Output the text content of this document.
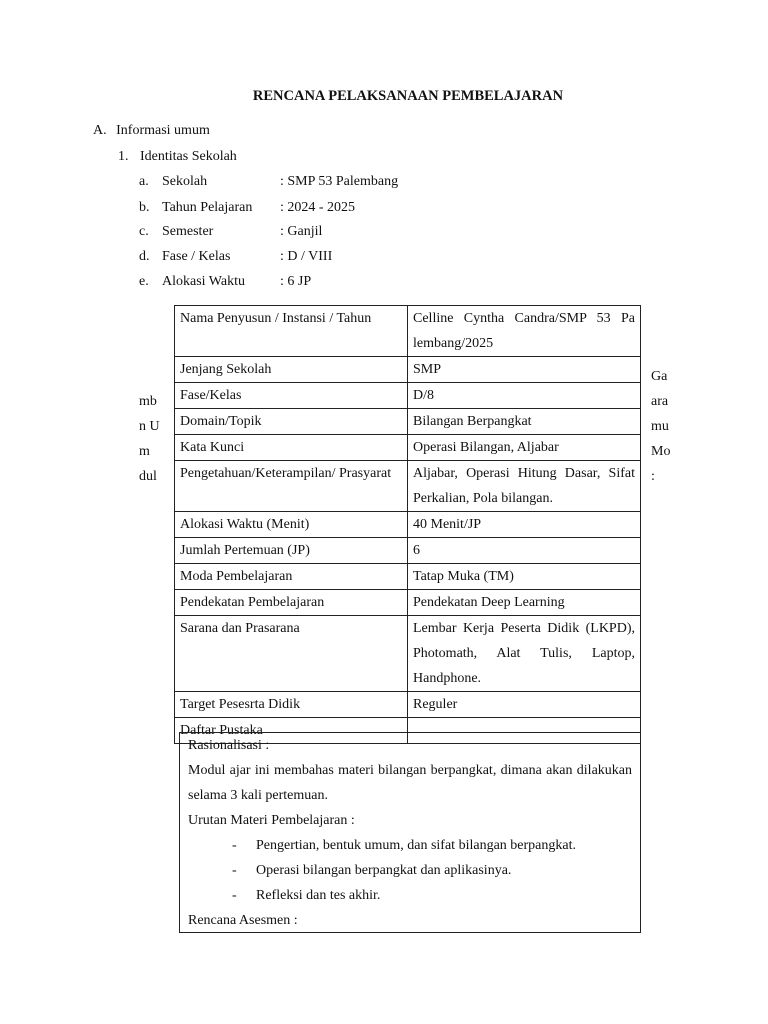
RENCANA PELAKSANAAN PEMBELAJARAN
A. Informasi umum
1. Identitas Sekolah
a. Sekolah	: SMP 53 Palembang
b. Tahun Pelajaran : 2024 - 2025
c. Semester	: Ganjil
d. Fase / Kelas	: D / VIII
e. Alokasi Waktu	: 6 JP
Nama Penyusun / Instansi / Tahun	Celline Cyntha Candra/SMP 53 Pa lembang/2025
Jenjang Sekolah	SMP
Fase/Kelas	D/8
Domain/Topik	Bilangan Berpangkat
Kata Kunci	Operasi Bilangan, Aljabar
Pengetahuan/Keterampilan/ Prasyarat	Aljabar, Operasi Hitung Dasar, Sifat Perkalian, Pola bilangan.
Alokasi Waktu (Menit)	40 Menit/JP
Jumlah Pertemuan (JP)	6
Moda Pembelajaran	Tatap Muka (TM)
Pendekatan Pembelajaran	Pendekatan Deep Learning
Sarana dan Prasarana	Lembar Kerja Peserta Didik (LKPD), Photomath, Alat Tulis, Laptop, Handphone.
Target Pesesrta Didik	Reguler
Daftar Pustaka	
Rasionalisasi :
Modul ajar ini membahas materi bilangan berpangkat, dimana akan dilakukan selama 3 kali pertemuan.
Urutan Materi Pembelajaran :
- Pengertian, bentuk umum, dan sifat bilangan berpangkat.
- Operasi bilangan berpangkat dan aplikasinya.
- Refleksi dan tes akhir.
Rencana Asesmen :
mb
n U
m
dul
Ga
ara
mu
Mo
:
